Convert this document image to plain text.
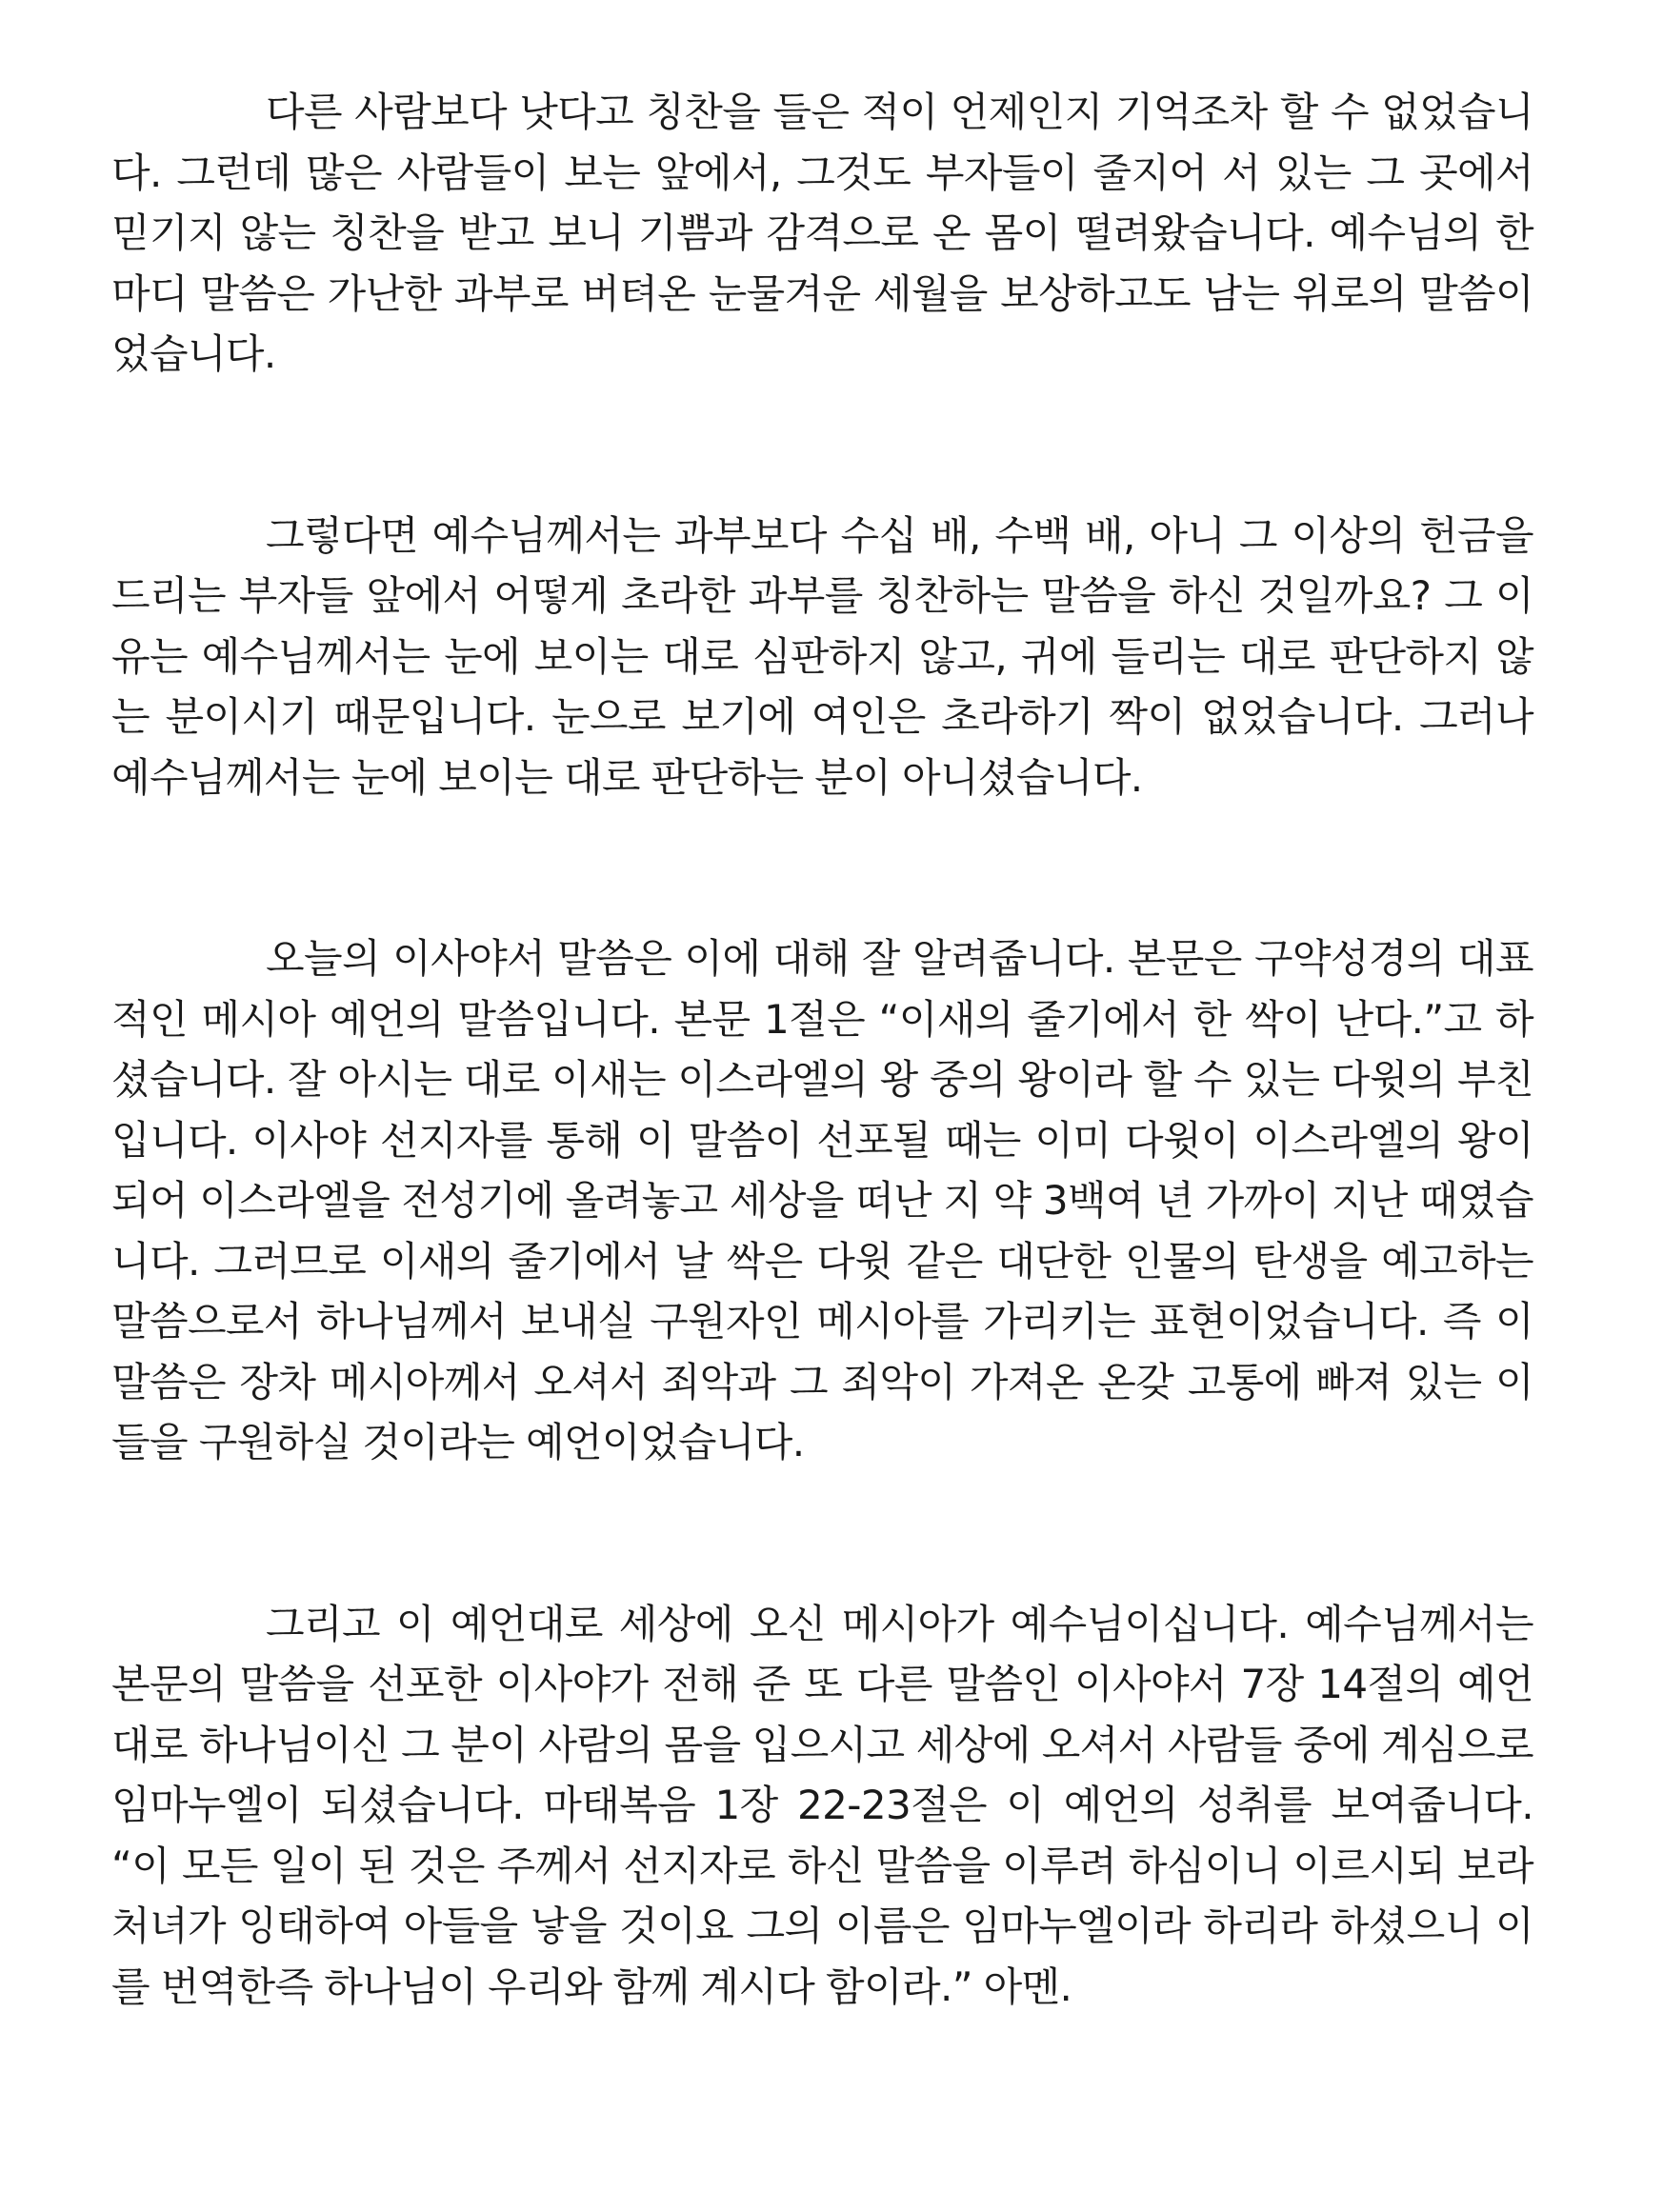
다른 사람보다 낫다고 칭찬을 들은 적이 언제인지 기억조차 할 수 없었습니다. 그런데 많은 사람들이 보는 앞에서, 그것도 부자들이 줄지어 서 있는 그 곳에서 믿기지 않는 칭찬을 받고 보니 기쁨과 감격으로 온 몸이 떨려왔습니다. 예수님의 한 마디 말씀은 가난한 과부로 버텨온 눈물겨운 세월을 보상하고도 남는 위로의 말씀이었습니다.

그렇다면 예수님께서는 과부보다 수십 배, 수백 배, 아니 그 이상의 헌금을 드리는 부자들 앞에서 어떻게 초라한 과부를 칭찬하는 말씀을 하신 것일까요? 그 이유는 예수님께서는 눈에 보이는 대로 심판하지 않고, 귀에 들리는 대로 판단하지 않는 분이시기 때문입니다. 눈으로 보기에 여인은 초라하기 짝이 없었습니다. 그러나 예수님께서는 눈에 보이는 대로 판단하는 분이 아니셨습니다.

오늘의 이사야서 말씀은 이에 대해 잘 알려줍니다. 본문은 구약성경의 대표적인 메시아 예언의 말씀입니다. 본문 1절은 “이새의 줄기에서 한 싹이 난다.”고 하셨습니다. 잘 아시는 대로 이새는 이스라엘의 왕 중의 왕이라 할 수 있는 다윗의 부친입니다. 이사야 선지자를 통해 이 말씀이 선포될 때는 이미 다윗이 이스라엘의 왕이 되어 이스라엘을 전성기에 올려놓고 세상을 떠난 지 약 3백여 년 가까이 지난 때였습니다. 그러므로 이새의 줄기에서 날 싹은 다윗 같은 대단한 인물의 탄생을 예고하는 말씀으로서 하나님께서 보내실 구원자인 메시아를 가리키는 표현이었습니다. 즉 이 말씀은 장차 메시아께서 오셔서 죄악과 그 죄악이 가져온 온갖 고통에 빠져 있는 이들을 구원하실 것이라는 예언이었습니다.

그리고 이 예언대로 세상에 오신 메시아가 예수님이십니다. 예수님께서는 본문의 말씀을 선포한 이사야가 전해 준 또 다른 말씀인 이사야서 7장 14절의 예언대로 하나님이신 그 분이 사람의 몸을 입으시고 세상에 오셔서 사람들 중에 계심으로 임마누엘이 되셨습니다. 마태복음 1장 22-23절은 이 예언의 성취를 보여줍니다. “이 모든 일이 된 것은 주께서 선지자로 하신 말씀을 이루려 하심이니 이르시되 보라 처녀가 잉태하여 아들을 낳을 것이요 그의 이름은 임마누엘이라 하리라 하셨으니 이를 번역한즉 하나님이 우리와 함께 계시다 함이라.” 아멘.
